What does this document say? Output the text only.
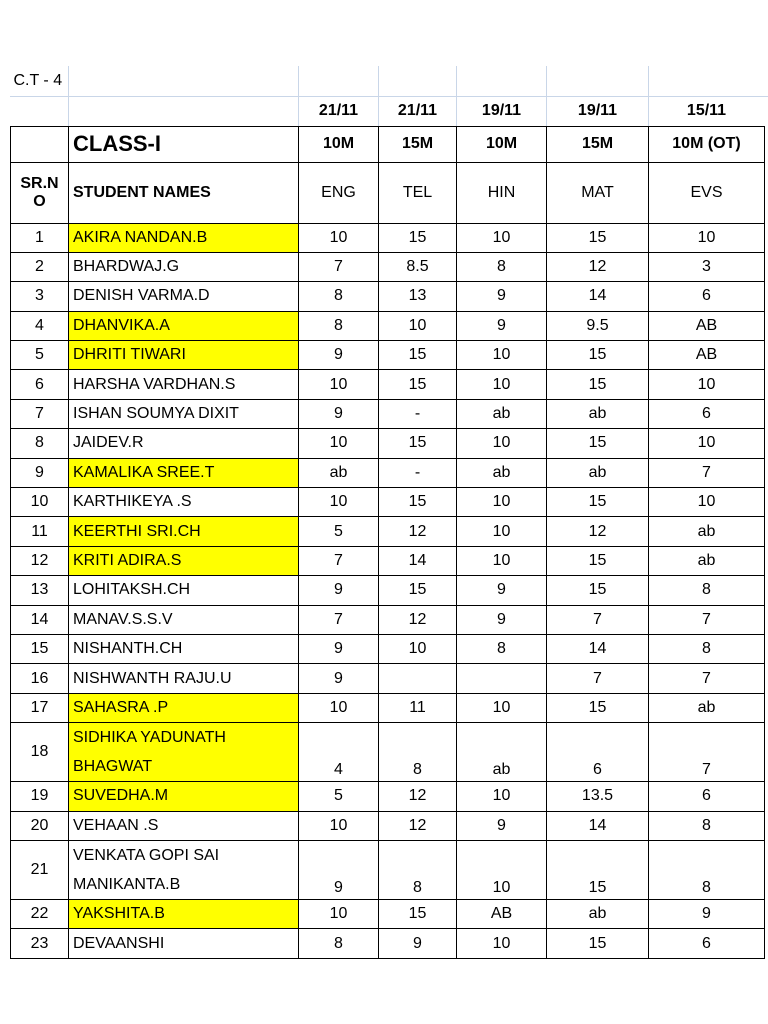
C.T - 4						
		21/11	21/11	19/11	19/11	15/11
	CLASS-I	10M	15M	10M	15M	10M (OT)

SR.N
O	STUDENT NAMES	ENG	TEL	HIN	MAT	EVS
1	AKIRA NANDAN.B	10	15	10	15	10
2	BHARDWAJ.G	7	8.5	8	12	3
3	DENISH VARMA.D	8	13	9	14	6
4	DHANVIKA.A	8	10	9	9.5	AB
5	DHRITI TIWARI	9	15	10	15	AB
6	HARSHA VARDHAN.S	10	15	10	15	10
7	ISHAN SOUMYA DIXIT	9	-	ab	ab	6
8	JAIDEV.R	10	15	10	15	10
9	KAMALIKA SREE.T	ab	-	ab	ab	7
10	KARTHIKEYA .S	10	15	10	15	10
11	KEERTHI SRI.CH	5	12	10	12	ab
12	KRITI ADIRA.S	7	14	10	15	ab
13	LOHITAKSH.CH	9	15	9	15	8
14	MANAV.S.S.V	7	12	9	7	7
15	NISHANTH.CH	9	10	8	14	8
16	NISHWANTH RAJU.U	9			7	7
17	SAHASRA .P	10	11	10	15	ab
18	SIDHIKA YADUNATH
BHAGWAT	4	8	ab	6	7
19	SUVEDHA.M	5	12	10	13.5	6
20	VEHAAN .S	10	12	9	14	8
21	VENKATA GOPI SAI
MANIKANTA.B	9	8	10	15	8
22	YAKSHITA.B	10	15	AB	ab	9
23	DEVAANSHI	8	9	10	15	6
